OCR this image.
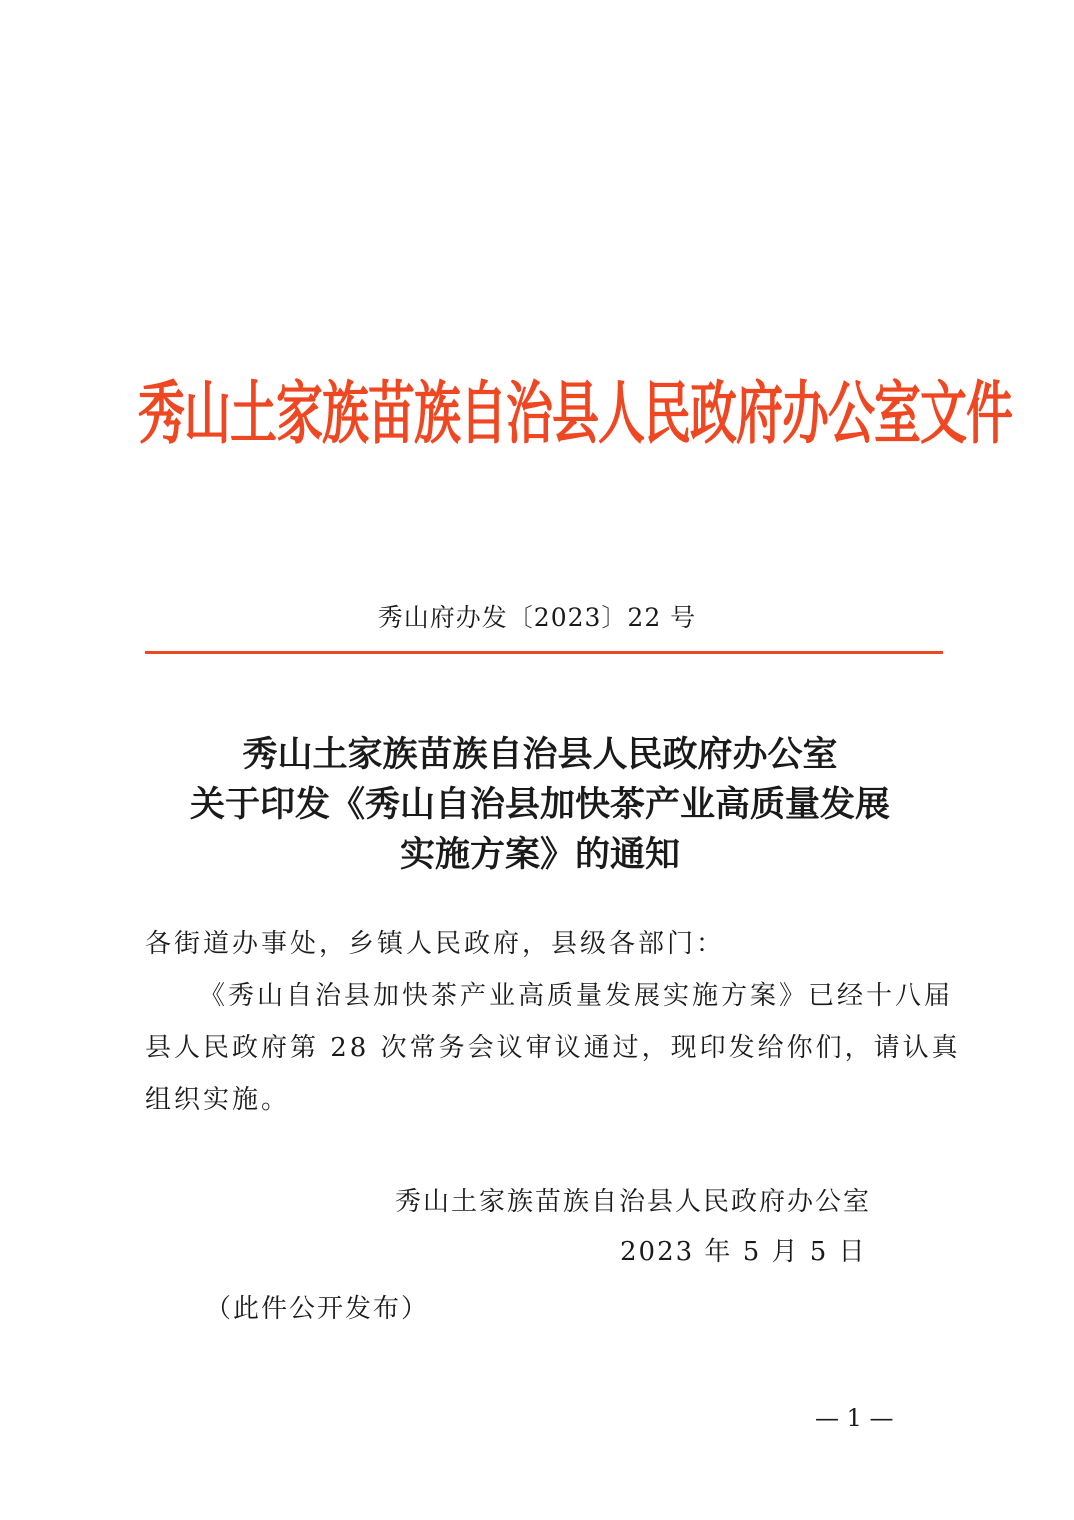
秀山土家族苗族自治县人民政府办公室文件
秀山府办发〔2023〕22 号
秀山土家族苗族自治县人民政府办公室
关于印发《秀山自治县加快茶产业高质量发展
实施方案》的通知
各街道办事处，乡镇人民政府，县级各部门：
《秀山自治县加快茶产业高质量发展实施方案》已经十八届
县人民政府第 28 次常务会议审议通过，现印发给你们，请认真
组织实施。
秀山土家族苗族自治县人民政府办公室
2023 年 5 月 5 日
（此件公开发布）
— 1 —
